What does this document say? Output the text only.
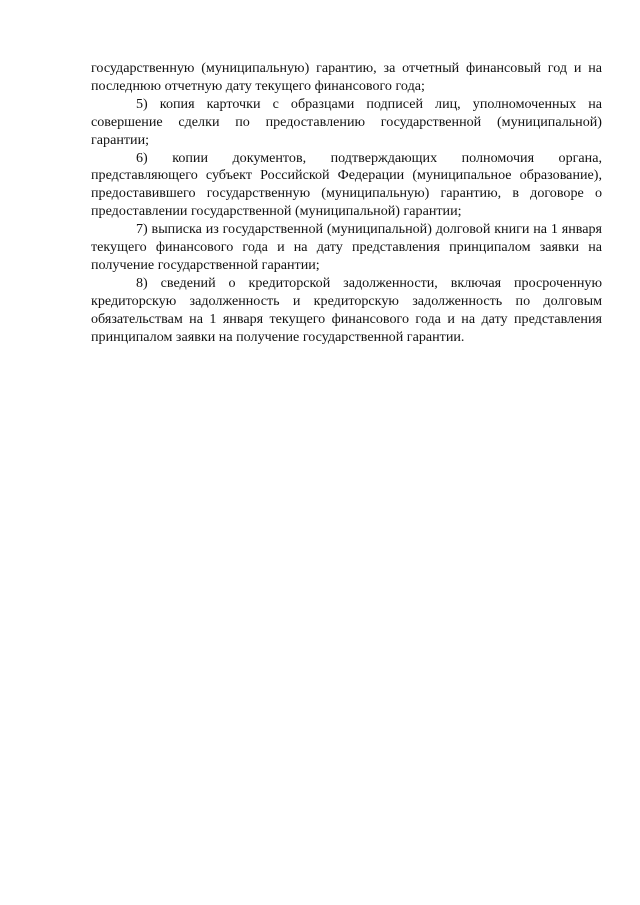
государственную (муниципальную) гарантию, за отчетный финансовый год и на последнюю отчетную дату текущего финансового года;

5) копия карточки с образцами подписей лиц, уполномоченных на совершение сделки по предоставлению государственной (муниципальной) гарантии;

6) копии документов, подтверждающих полномочия органа, представляющего субъект Российской Федерации (муниципальное образование), предоставившего государственную (муниципальную) гарантию, в договоре о предоставлении государственной (муниципальной) гарантии;

7) выписка из государственной (муниципальной) долговой книги на 1 января текущего финансового года и на дату представления принципалом заявки на получение государственной гарантии;

8) сведений о кредиторской задолженности, включая просроченную кредиторскую задолженность и кредиторскую задолженность по долговым обязательствам на 1 января текущего финансового года и на дату представления принципалом заявки на получение государственной гарантии.
